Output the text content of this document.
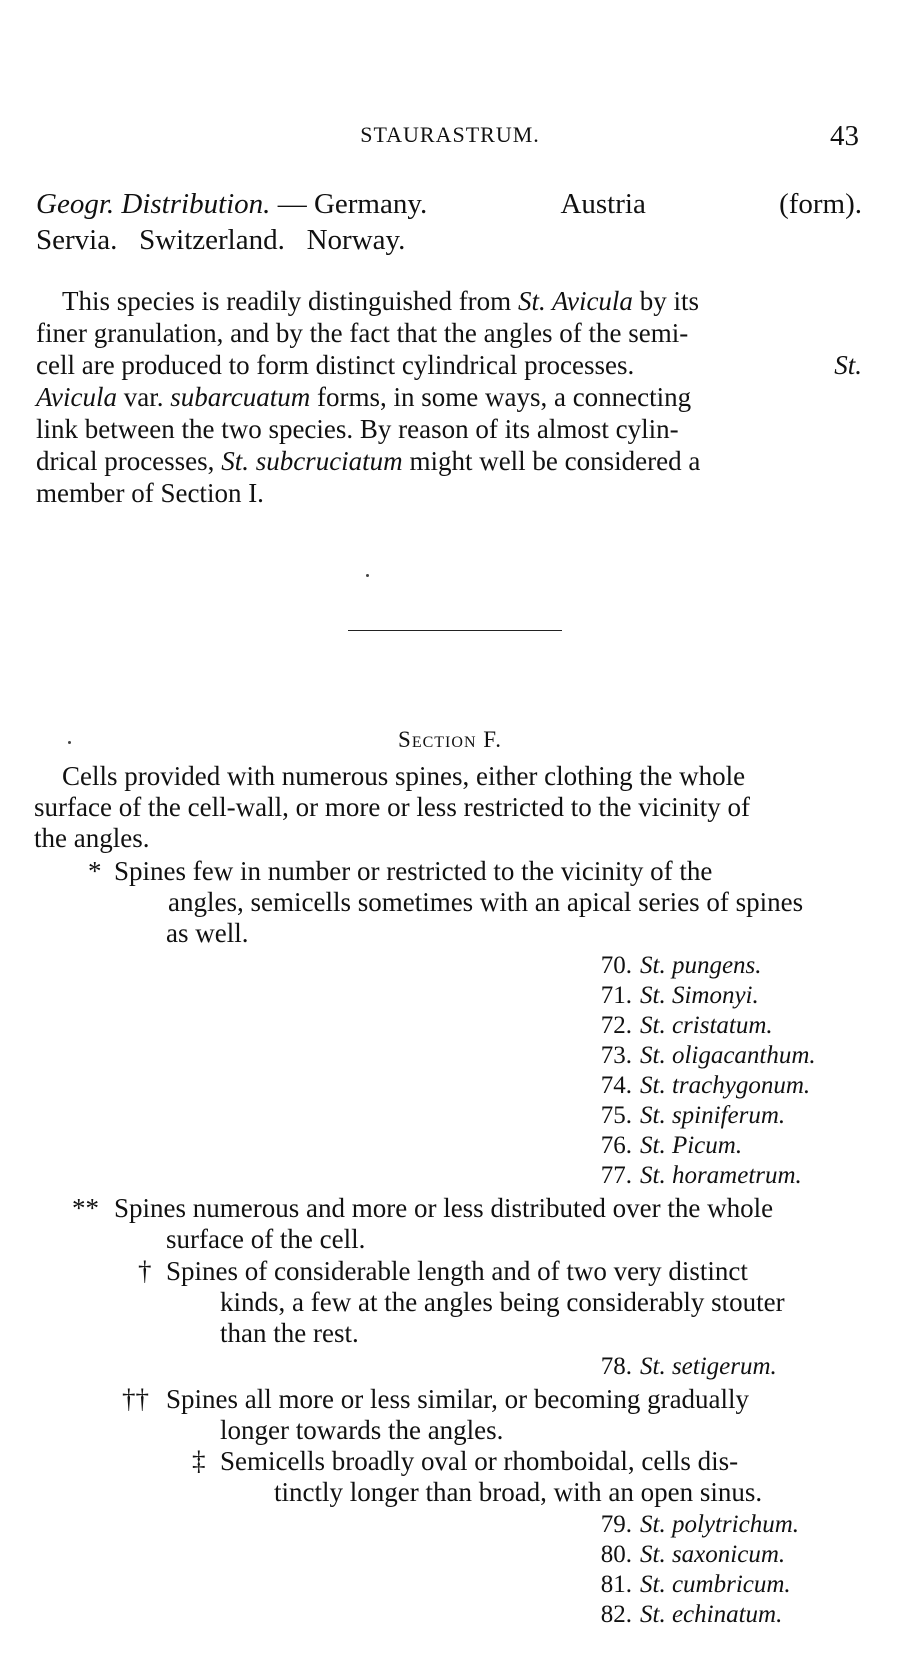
STAURASTRUM.	43
Geogr. Distribution. — Germany.	Austria	(form).
Servia. Switzerland. Norway.
This species is readily distinguished from St. Avicula by its
finer granulation, and by the fact that the angles of the semi-
cell are produced to form distinct cylindrical processes.	St.
Avicula var. subarcuatum forms, in some ways, a connecting
link between the two species. By reason of its almost cylin-
drical processes, St. subcruciatum might well be considered a
member of Section I.
Section F.
Cells provided with numerous spines, either clothing the whole
surface of the cell-wall, or more or less restricted to the vicinity of
the angles.
* Spines few in number or restricted to the vicinity of the
angles, semicells sometimes with an apical series of spines
as well.
70. St. pungens.
71. St. Simonyi.
72. St. cristatum.
73. St. oligacanthum.
74. St. trachygonum.
75. St. spiniferum.
76. St. Picum.
77. St. horametrum.
** Spines numerous and more or less distributed over the whole
surface of the cell.
† Spines of considerable length and of two very distinct
kinds, a few at the angles being considerably stouter
than the rest.
78. St. setigerum.
†† Spines all more or less similar, or becoming gradually
longer towards the angles.
‡ Semicells broadly oval or rhomboidal, cells dis-
tinctly longer than broad, with an open sinus.
79. St. polytrichum.
80. St. saxonicum.
81. St. cumbricum.
82. St. echinatum.
